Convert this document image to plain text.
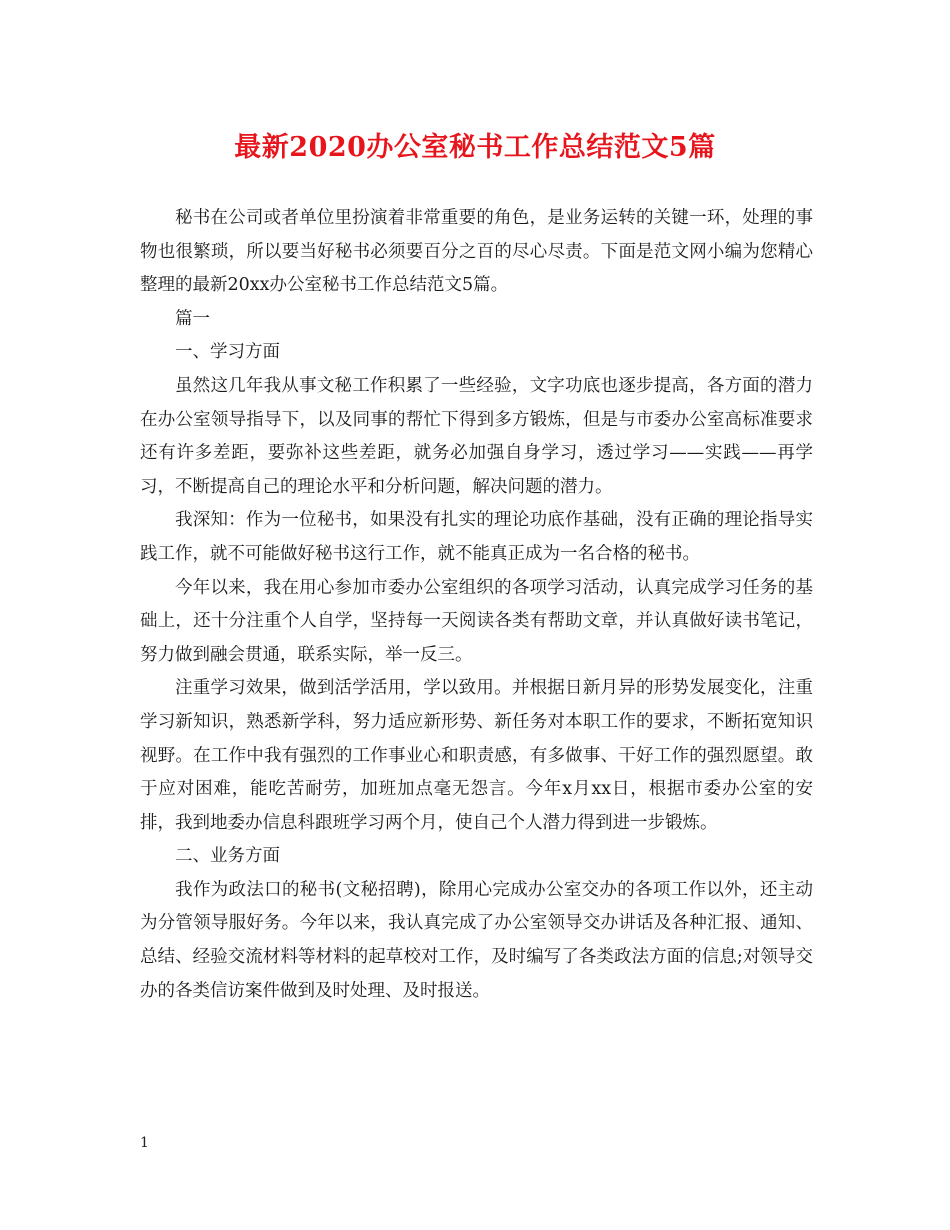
最新2020办公室秘书工作总结范文5篇

秘书在公司或者单位里扮演着非常重要的角色，是业务运转的关键一环，处理的事物也很繁琐，所以要当好秘书必须要百分之百的尽心尽责。下面是范文网小编为您精心整理的最新20xx办公室秘书工作总结范文5篇。

篇一

一、学习方面

虽然这几年我从事文秘工作积累了一些经验，文字功底也逐步提高，各方面的潜力在办公室领导指导下，以及同事的帮忙下得到多方锻炼，但是与市委办公室高标准要求还有许多差距，要弥补这些差距，就务必加强自身学习，透过学习——实践——再学习，不断提高自己的理论水平和分析问题，解决问题的潜力。

我深知：作为一位秘书，如果没有扎实的理论功底作基础，没有正确的理论指导实践工作，就不可能做好秘书这行工作，就不能真正成为一名合格的秘书。

今年以来，我在用心参加市委办公室组织的各项学习活动，认真完成学习任务的基础上，还十分注重个人自学，坚持每一天阅读各类有帮助文章，并认真做好读书笔记，努力做到融会贯通，联系实际，举一反三。

注重学习效果，做到活学活用，学以致用。并根据日新月异的形势发展变化，注重学习新知识，熟悉新学科，努力适应新形势、新任务对本职工作的要求，不断拓宽知识视野。在工作中我有强烈的工作事业心和职责感，有多做事、干好工作的强烈愿望。敢于应对困难，能吃苦耐劳，加班加点毫无怨言。今年x月xx日，根据市委办公室的安排，我到地委办信息科跟班学习两个月，使自己个人潜力得到进一步锻炼。

二、业务方面

我作为政法口的秘书(文秘招聘)，除用心完成办公室交办的各项工作以外，还主动为分管领导服好务。今年以来，我认真完成了办公室领导交办讲话及各种汇报、通知、总结、经验交流材料等材料的起草校对工作，及时编写了各类政法方面的信息;对领导交办的各类信访案件做到及时处理、及时报送。

1
